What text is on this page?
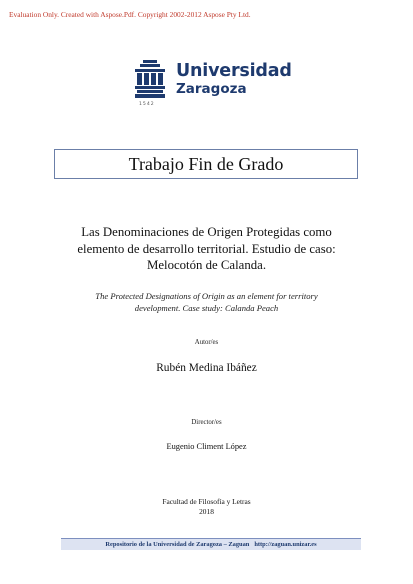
Evaluation Only. Created with Aspose.Pdf. Copyright 2002-2012 Aspose Pty Ltd.
1542
Universidad
Zaragoza
Trabajo Fin de Grado
Las Denominaciones de Origen Protegidas como
elemento de desarrollo territorial. Estudio de caso:
Melocotón de Calanda.
The Protected Designations of Origin as an element for territory
development. Case study: Calanda Peach
Autor/es
Rubén Medina Ibáñez
Director/es
Eugenio Climent López
Facultad de Filosofía y Letras
2018
Repositorio de la Universidad de Zaragoza – Zaguan http://zaguan.unizar.es
